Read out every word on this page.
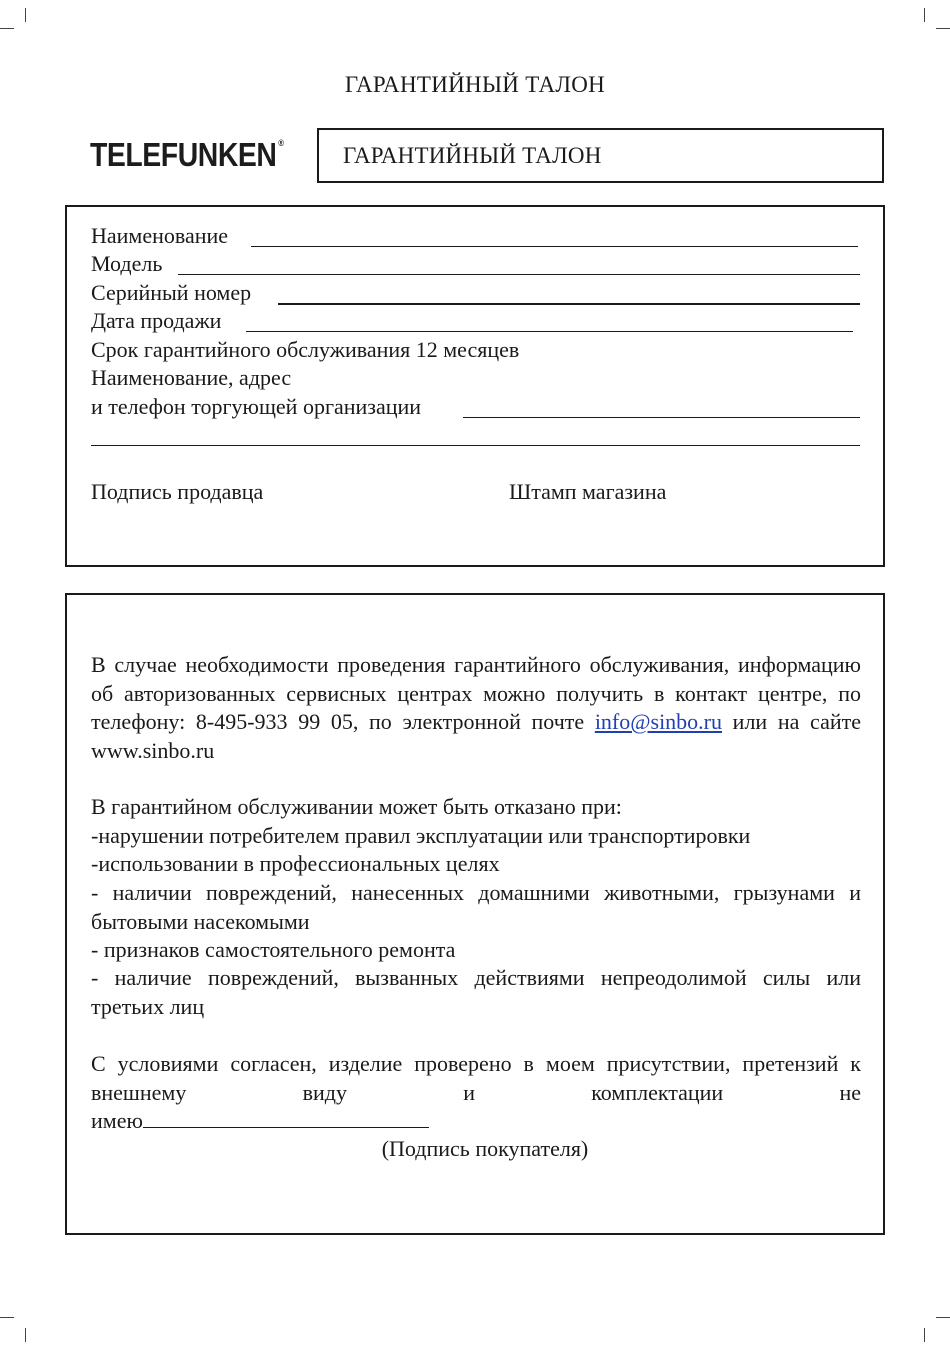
ГАРАНТИЙНЫЙ ТАЛОН
TELEFUNKEN ®	ГАРАНТИЙНЫЙ ТАЛОН
Наименование
Модель
Серийный номер
Дата продажи
Срок гарантийного обслуживания 12 месяцев
Наименование, адрес
и телефон торгующей организации
Подпись продавца	Штамп магазина
В случае необходимости проведения гарантийного обслуживания, информацию об авторизованных сервисных центрах можно получить в контакт центре, по телефону: 8-495-933 99 05, по электронной почте info@sinbo.ru или на сайте www.sinbo.ru
В гарантийном обслуживании может быть отказано при:
-нарушении потребителем правил эксплуатации или транспортировки
-использовании в профессиональных целях
- наличии повреждений, нанесенных домашними животными, грызунами и бытовыми насекомыми
- признаков самостоятельного ремонта
- наличие повреждений, вызванных действиями непреодолимой силы или третьих лиц
С условиями согласен, изделие проверено в моем присутствии, претензий к внешнему виду и комплектации не
имею
(Подпись покупателя)
